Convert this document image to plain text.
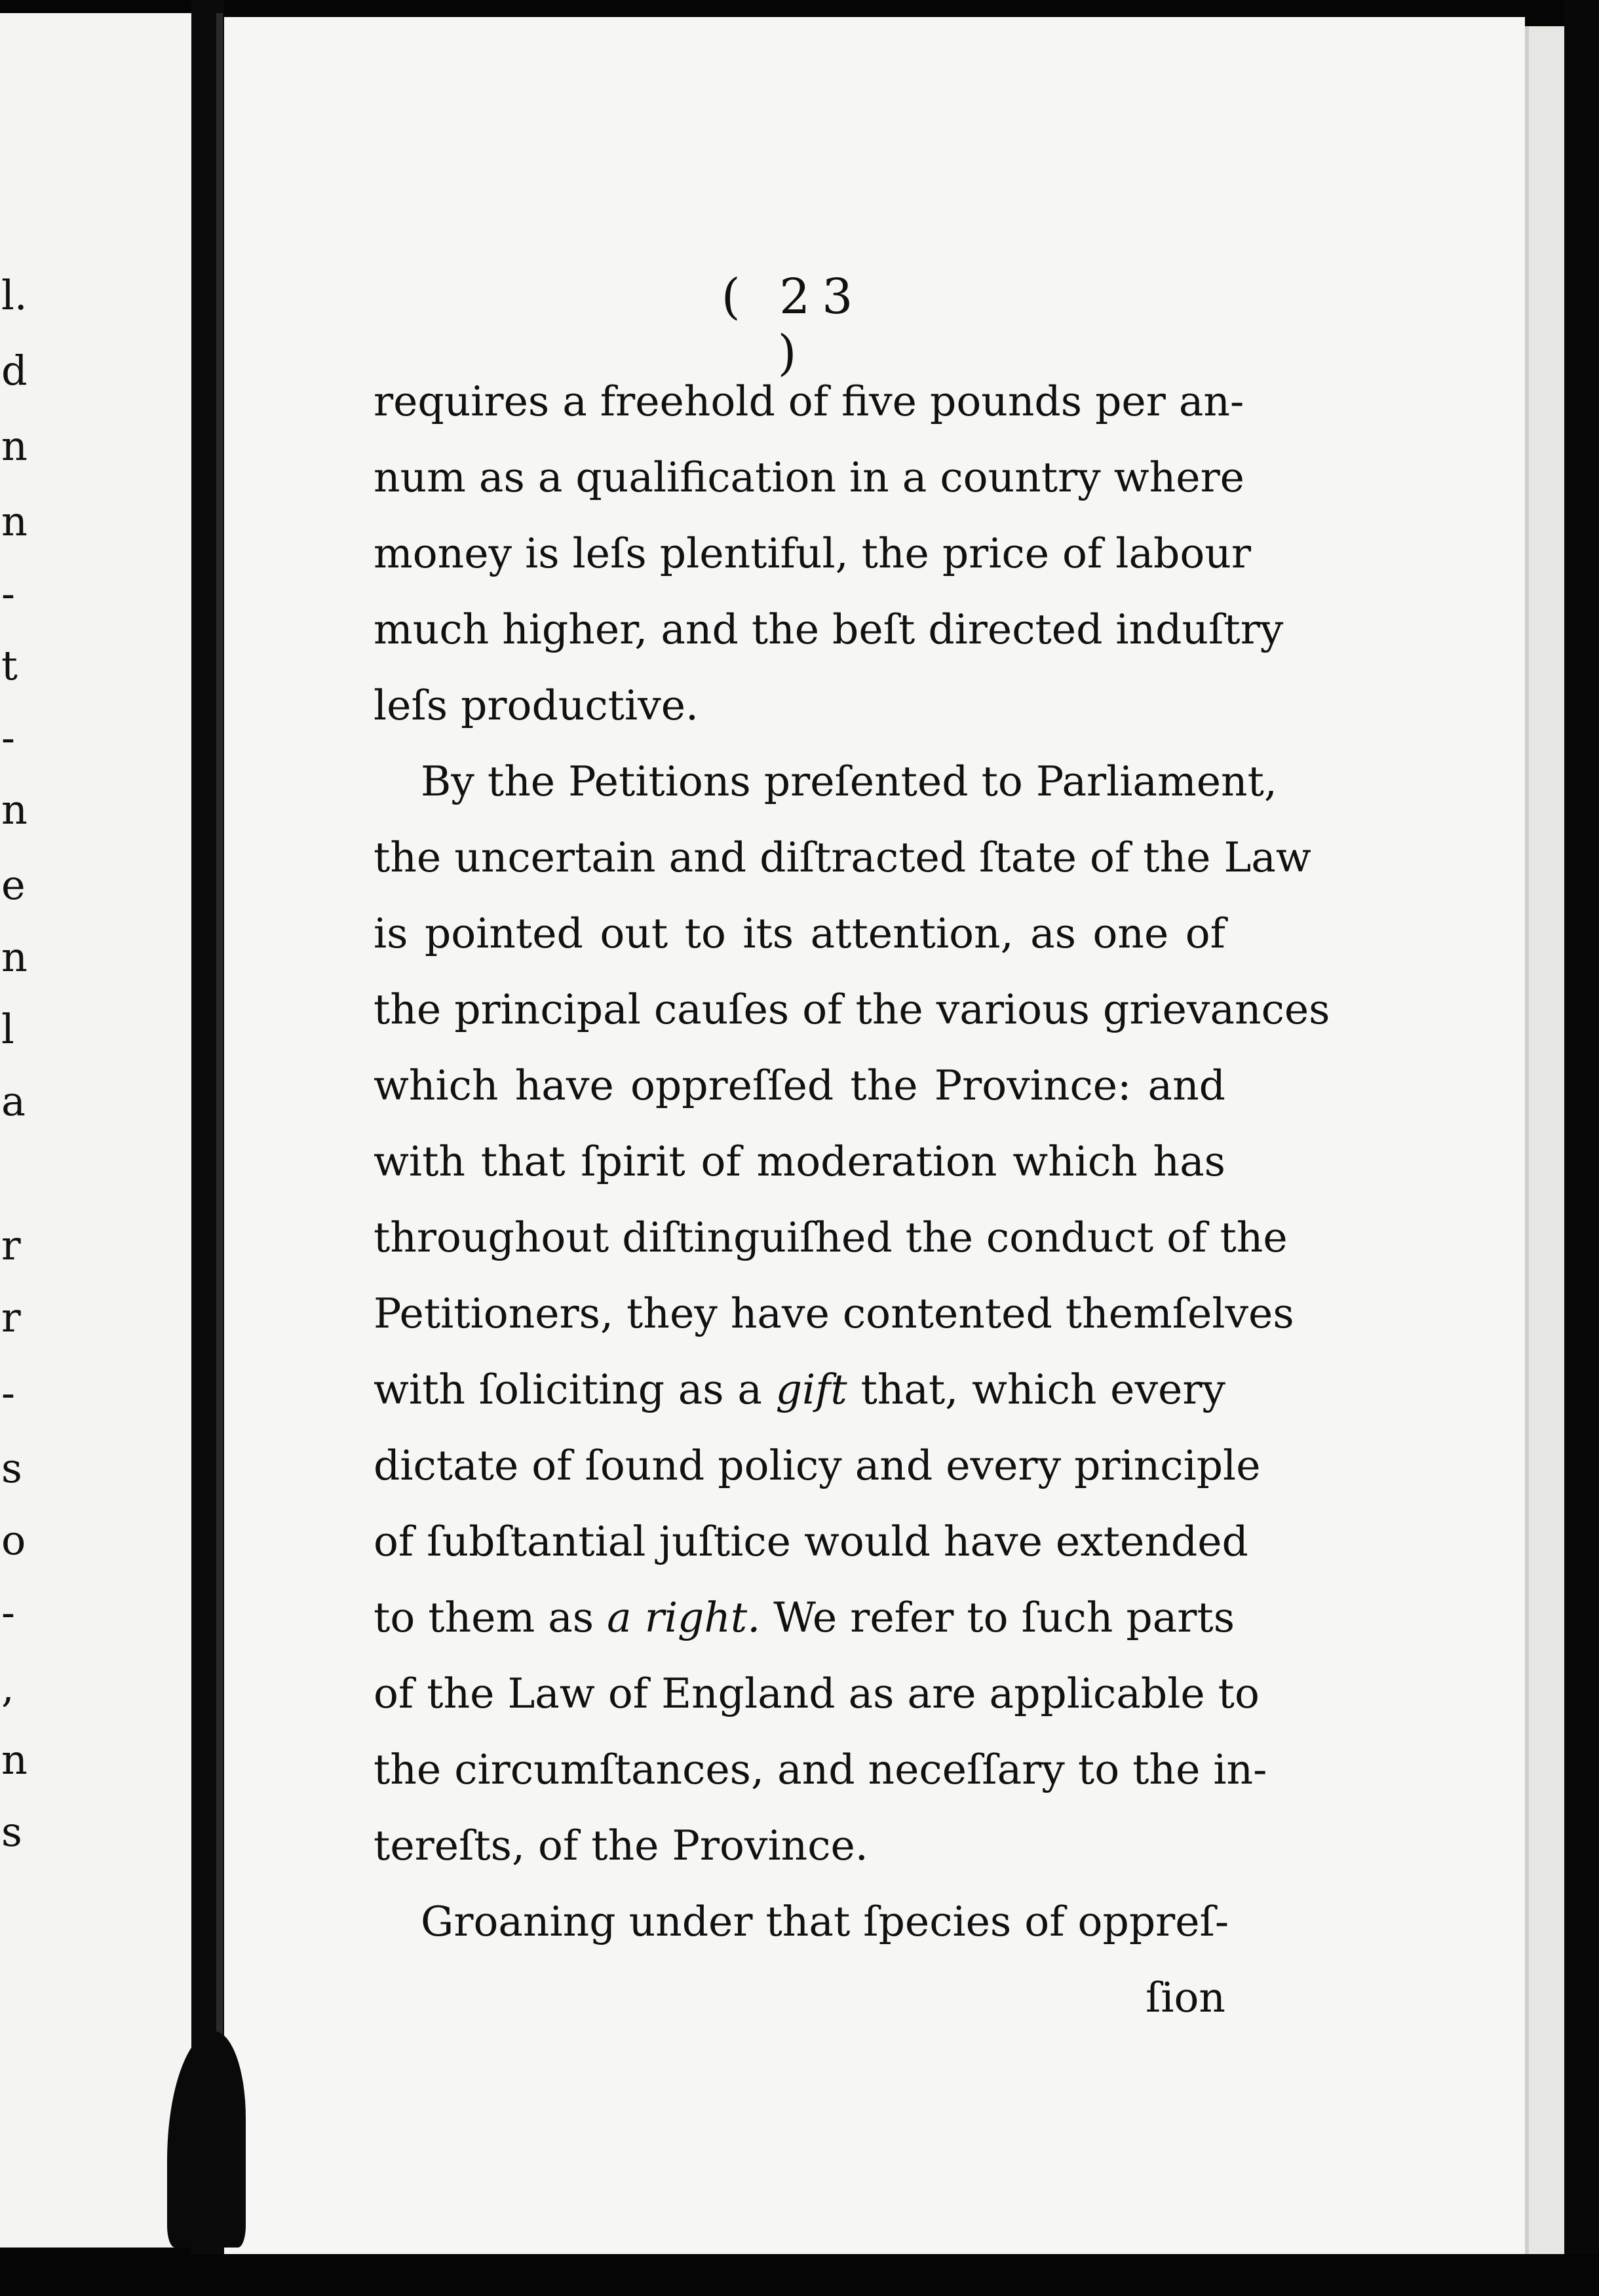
l.
d
n
n
-
t
-
n
e
n
l
a
r
r
-
s
o
-
,
n
s
( 23 )
requires a freehold of five pounds per an-
num as a qualification in a country where
money is leſs plentiful, the price of labour
much higher, and the beſt directed induſtry
leſs productive.
By the Petitions preſented to Parliament,
the uncertain and diſtracted ſtate of the Law
is pointed out to its attention, as one of
the principal cauſes of the various grievances
which have oppreſſed the Province: and
with that ſpirit of moderation which has
throughout diſtinguiſhed the conduct of the
Petitioners, they have contented themſelves
with ſoliciting as a gift that, which every
dictate of ſound policy and every principle
of ſubſtantial juſtice would have extended
to them as a right. We refer to ſuch parts
of the Law of England as are applicable to
the circumſtances, and neceſſary to the in-
tereſts, of the Province.
Groaning under that ſpecies of oppreſ-
ſion
